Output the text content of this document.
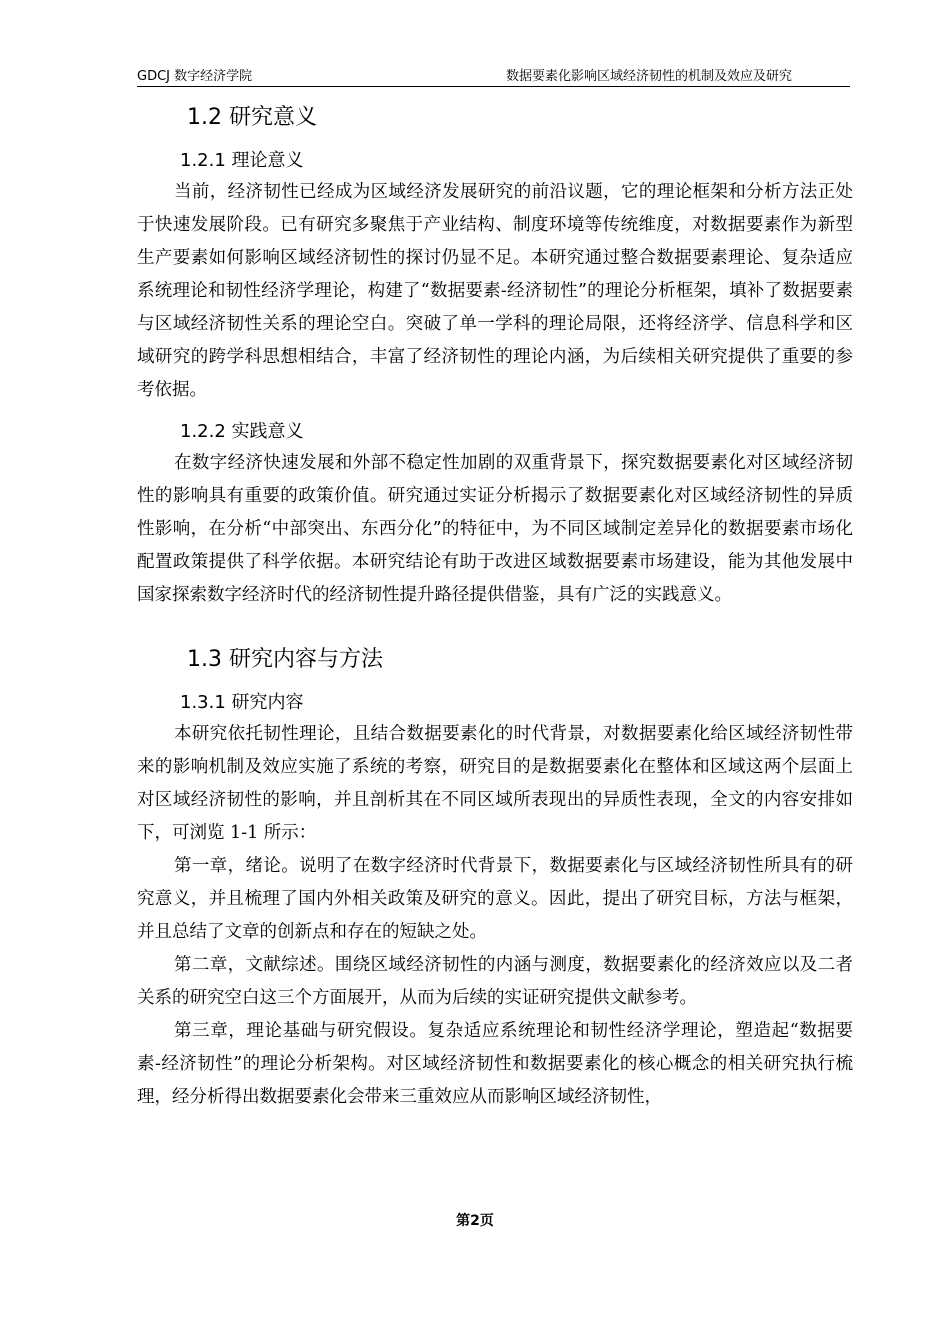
GDCJ 数字经济学院	数据要素化影响区域经济韧性的机制及效应及研究
1.2 研究意义
1.2.1 理论意义

当前，经济韧性已经成为区域经济发展研究的前沿议题，它的理论框架和分析方法正处于快速发展阶段。已有研究多聚焦于产业结构、制度环境等传统维度，对数据要素作为新型生产要素如何影响区域经济韧性的探讨仍显不足。本研究通过整合数据要素理论、复杂适应系统理论和韧性经济学理论，构建了“数据要素-经济韧性”的理论分析框架，填补了数据要素与区域经济韧性关系的理论空白。突破了单一学科的理论局限，还将经济学、信息科学和区域研究的跨学科思想相结合，丰富了经济韧性的理论内涵，为后续相关研究提供了重要的参考依据。

1.2.2 实践意义

在数字经济快速发展和外部不稳定性加剧的双重背景下，探究数据要素化对区域经济韧性的影响具有重要的政策价值。研究通过实证分析揭示了数据要素化对区域经济韧性的异质性影响，在分析“中部突出、东西分化”的特征中，为不同区域制定差异化的数据要素市场化配置政策提供了科学依据。本研究结论有助于改进区域数据要素市场建设，能为其他发展中国家探索数字经济时代的经济韧性提升路径提供借鉴，具有广泛的实践意义。

1.3 研究内容与方法
1.3.1 研究内容

本研究依托韧性理论，且结合数据要素化的时代背景，对数据要素化给区域经济韧性带来的影响机制及效应实施了系统的考察，研究目的是数据要素化在整体和区域这两个层面上对区域经济韧性的影响，并且剖析其在不同区域所表现出的异质性表现，全文的内容安排如下，可浏览 1-1 所示：

第一章，绪论。说明了在数字经济时代背景下，数据要素化与区域经济韧性所具有的研究意义，并且梳理了国内外相关政策及研究的意义。因此，提出了研究目标，方法与框架，并且总结了文章的创新点和存在的短缺之处。

第二章，文献综述。围绕区域经济韧性的内涵与测度，数据要素化的经济效应以及二者关系的研究空白这三个方面展开，从而为后续的实证研究提供文献参考。

第三章，理论基础与研究假设。复杂适应系统理论和韧性经济学理论，塑造起“数据要素-经济韧性”的理论分析架构。对区域经济韧性和数据要素化的核心概念的相关研究执行梳理，经分析得出数据要素化会带来三重效应从而影响区域经济韧性，

第2页
